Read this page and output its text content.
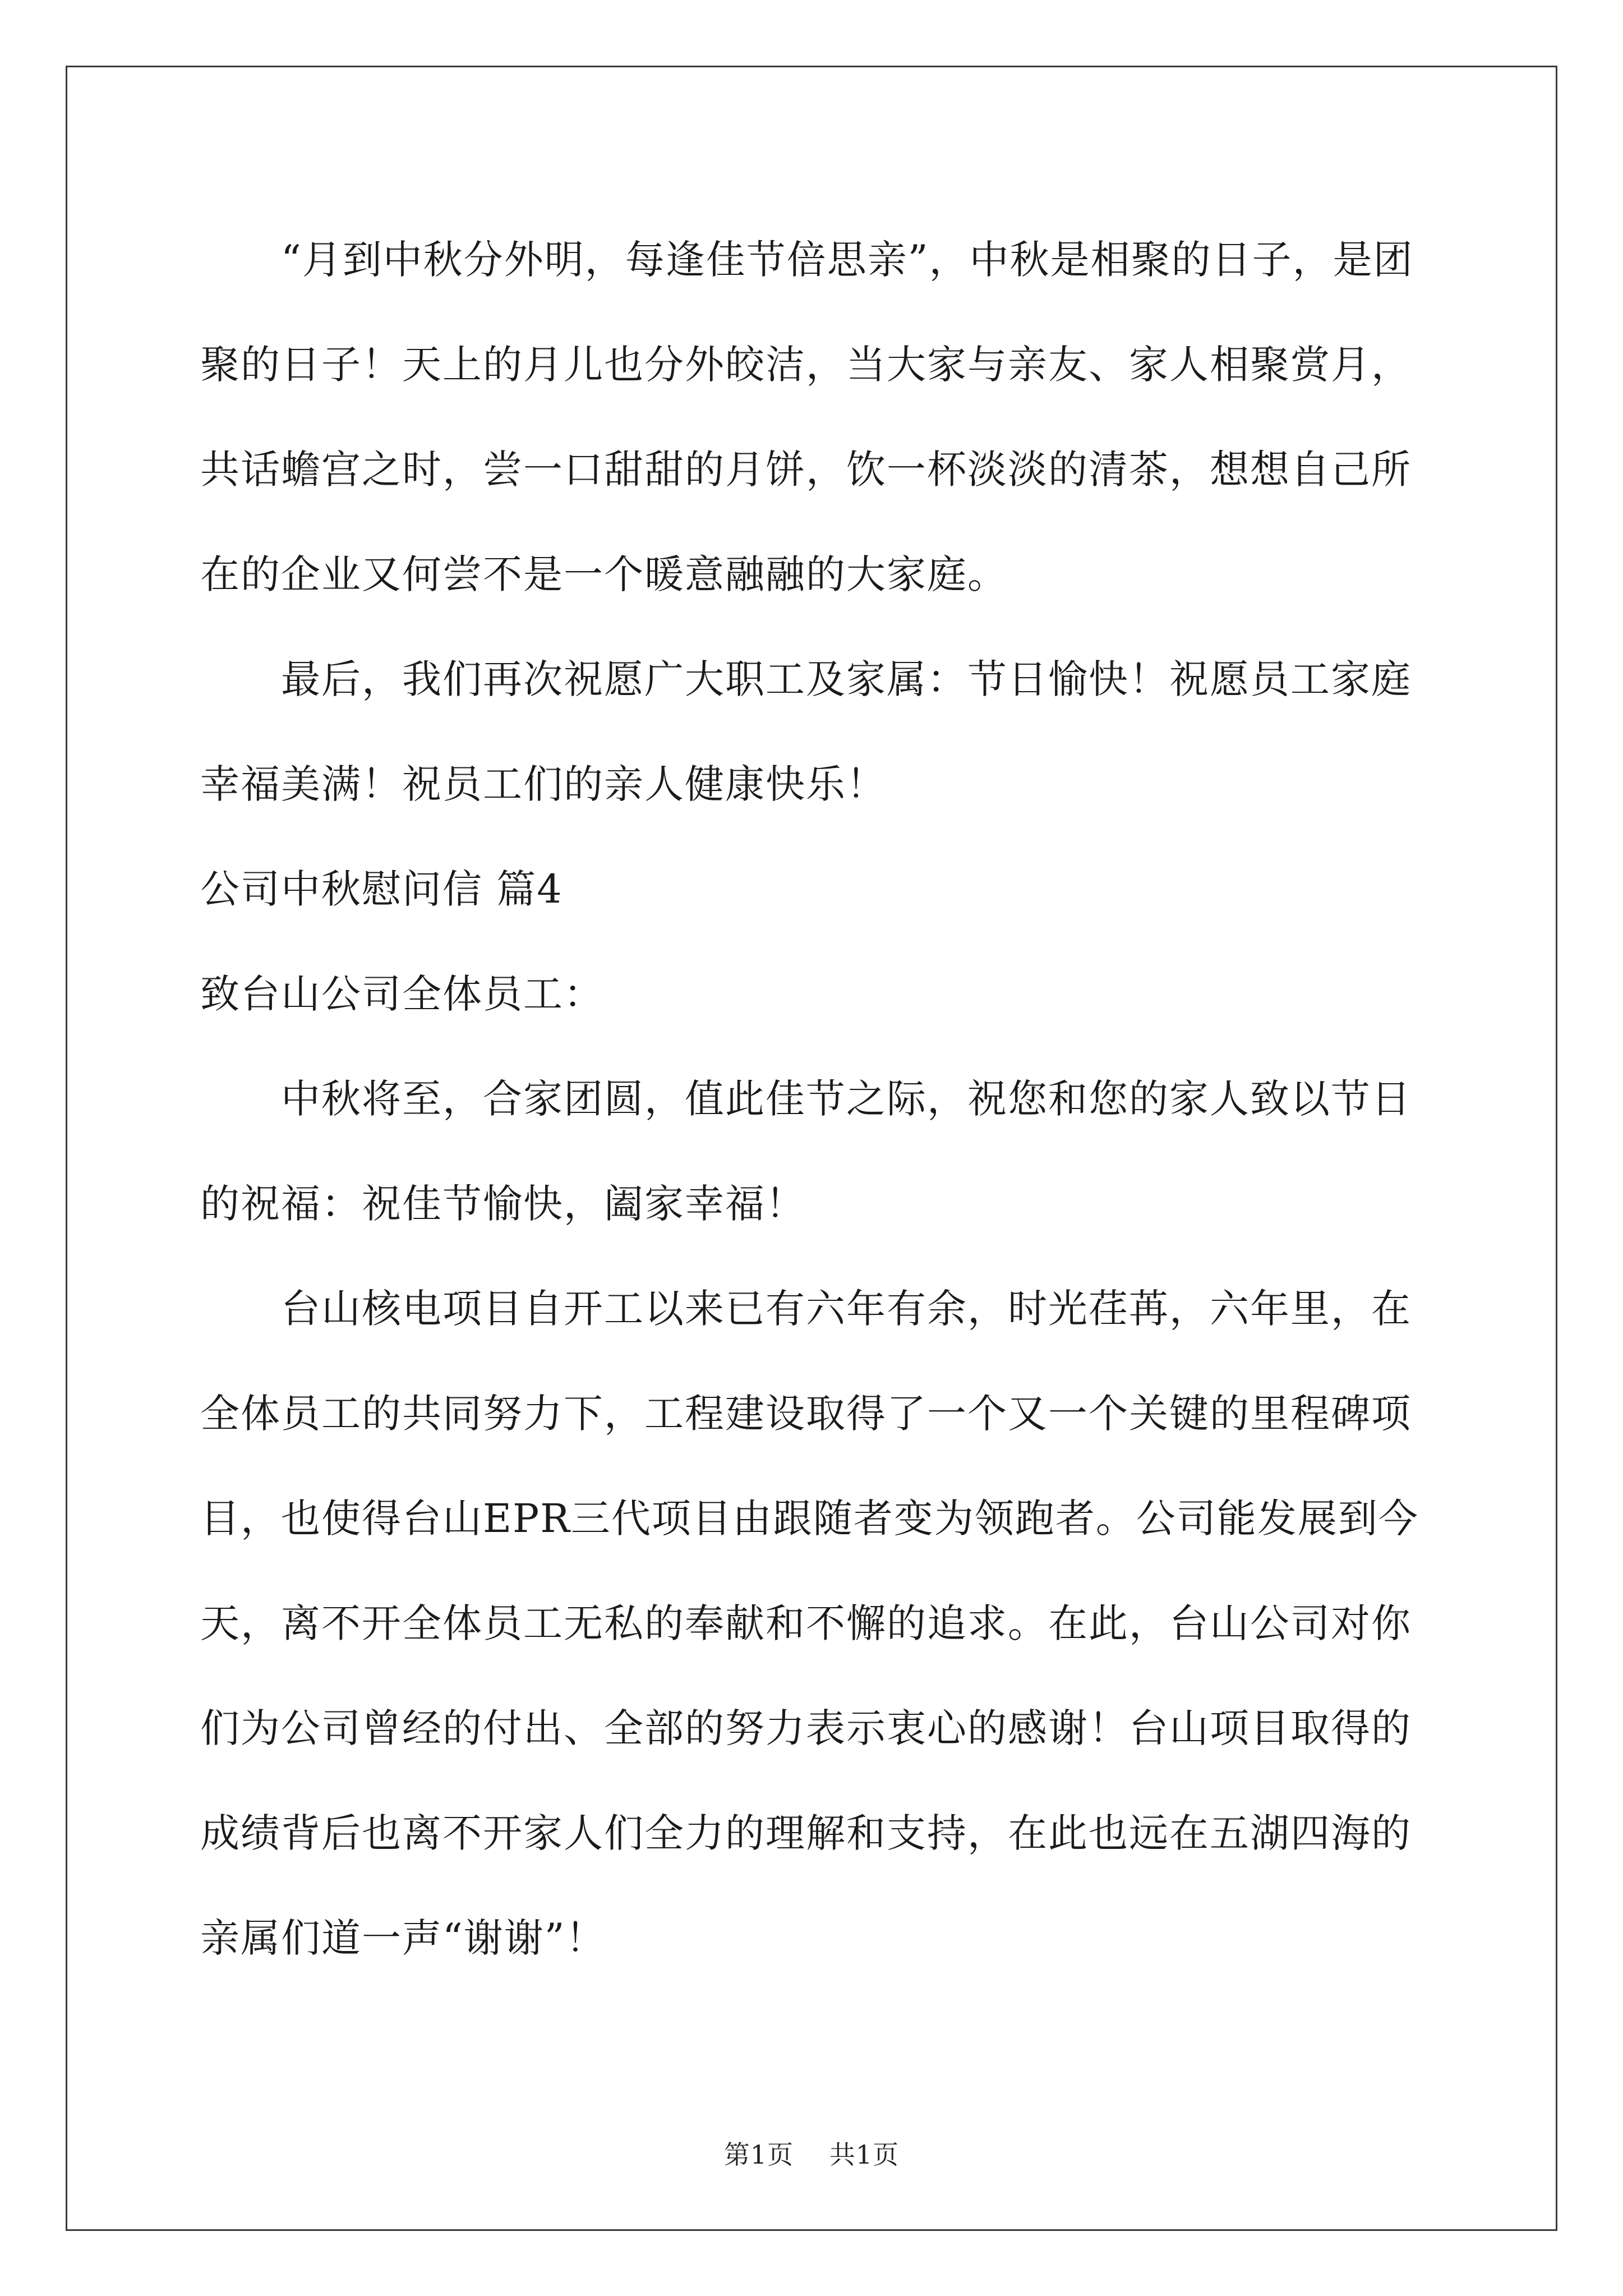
　　“月到中秋分外明，每逢佳节倍思亲”，中秋是相聚的日子，是团

聚的日子！天上的月儿也分外皎洁，当大家与亲友、家人相聚赏月，

共话蟾宫之时，尝一口甜甜的月饼，饮一杯淡淡的清茶，想想自己所

在的企业又何尝不是一个暖意融融的大家庭。

　　最后，我们再次祝愿广大职工及家属：节日愉快！祝愿员工家庭

幸福美满！祝员工们的亲人健康快乐！

公司中秋慰问信 篇4

致台山公司全体员工：

　　中秋将至，合家团圆，值此佳节之际，祝您和您的家人致以节日

的祝福：祝佳节愉快，阖家幸福！

　　台山核电项目自开工以来已有六年有余，时光荏苒，六年里，在

全体员工的共同努力下，工程建设取得了一个又一个关键的里程碑项

目，也使得台山EPR三代项目由跟随者变为领跑者。公司能发展到今

天，离不开全体员工无私的奉献和不懈的追求。在此，台山公司对你

们为公司曾经的付出、全部的努力表示衷心的感谢！台山项目取得的

成绩背后也离不开家人们全力的理解和支持，在此也远在五湖四海的

亲属们道一声“谢谢”！

第1页 共1页
